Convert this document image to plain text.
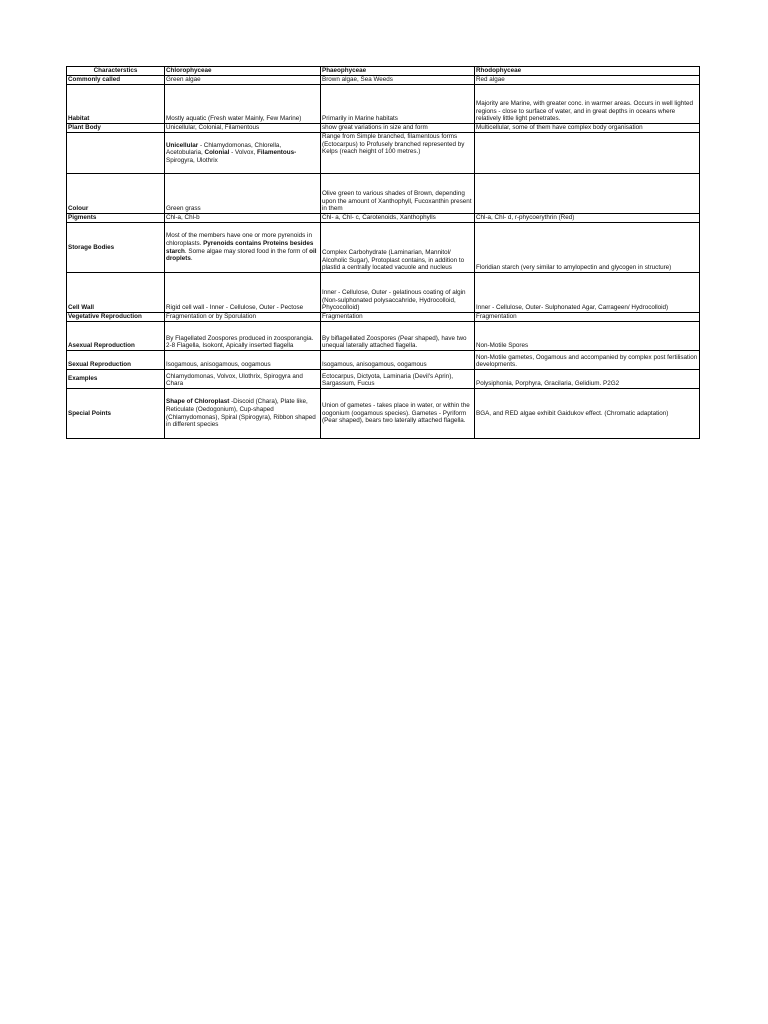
Characterstics	Chlorophyceae	Phaeophyceae	Rhodophyceae
Commonly called	Green algae	Brown algae, Sea Weeds	Red algae
Habitat	Mostly aquatic (Fresh water Mainly, Few Marine)	Primarily in Marine habitats	Majority are Marine, with greater conc. in warmer areas. Occurs in well lighted regions - close to surface of water, and in great depths in oceans where relatively little light penetrates.
Plant Body	Unicellular, Colonial, Filamentous	show great variations in size and form	Multicellular, some of them have complex body organisation
	Unicellular - Chlamydomonas, Chlorella, Acetobularia, Colonial - Volvox, Filamentous-Spirogyra, Ulothrix	Range from Simple branched, filamentous forms (Ectocarpus) to Profusely branched represented by Kelps (reach height of 100 metres.)	
Colour	Green grass	Olive green to various shades of Brown, depending upon the amount of Xanthophyll, Fucoxanthin present in them	
Pigments	Chl-a, Chl-b	Chl- a, Chl- c, Carotenoids, Xanthophylls	Chl-a, Chl- d, r-phycoerythrin (Red)
Storage Bodies	Most of the members have one or more pyrenoids in chloroplasts. Pyrenoids contains Proteins besides starch. Some algae may stored food in the form of oil droplets.	Complex Carbohydrate (Laminarian, Mannitol/ Alcoholic Sugar), Protoplast contains, in addition to plastid a centrally located vacuole and nucleus	Floridian starch (very similar to amylopectin and glycogen in structure)
Cell Wall	Rigid cell wall - Inner - Cellulose, Outer - Pectose	Inner - Cellulose, Outer - gelatinous coating of algin (Non-sulphonated polysaccahride, Hydrocolloid, Phycocolloid)	Inner - Cellulose, Outer- Sulphonated Agar, Carrageen/ Hydrocolloid)
Vegetative Reproduction	Fragmentation or by Sporulation	Fragmentation	Fragmentation
Asexual Reproduction	By Flagellated Zoospores produced in zoosporangia. 2-8 Flagella, Isokont, Apically inserted flagella	By biflagellated Zoospores (Pear shaped), have two unequal laterally attached flagella.	Non-Motile Spores
Sexual Reproduction	Isogamous, anisogamous, oogamous	Isogamous, anisogamous, oogamous	Non-Motile gametes, Oogamous and accompanied by complex post fertilisation developments.
Examples	Chlamydomonas, Volvox, Ulothrix, Spirogyra and Chara	Ectocarpus, Dictyota, Laminaria (Devil's Aprin), Sargassum, Fucus	Polysiphonia, Porphyra, Gracilaria, Gelidium. P2G2
Special Points	Shape of Chloroplast -Discoid (Chara), Plate like, Reticulate (Oedogonium), Cup-shaped (Chlamydomonas), Spiral (Spirogyra), Ribbon shaped in different species	Union of gametes - takes place in water, or within the oogonium (oogamous species). Gametes - Pyriform (Pear shaped), bears two laterally attached flagella.	BGA, and RED algae exhibit Gaidukov effect. (Chromatic adaptation)
